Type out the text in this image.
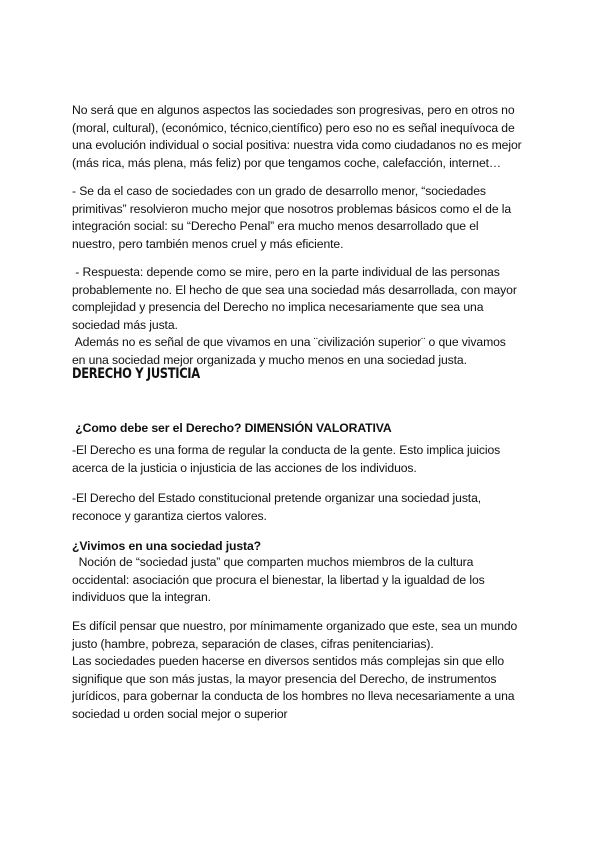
No será que en algunos aspectos las sociedades son progresivas, pero en otros no
(moral, cultural), (económico, técnico,científico) pero eso no es señal inequívoca de
una evolución individual o social positiva: nuestra vida como ciudadanos no es mejor
(más rica, más plena, más feliz) por que tengamos coche, calefacción, internet…
- Se da el caso de sociedades con un grado de desarrollo menor, “sociedades
primitivas” resolvieron mucho mejor que nosotros problemas básicos como el de la
integración social: su “Derecho Penal” era mucho menos desarrollado que el
nuestro, pero también menos cruel y más eficiente.
- Respuesta: depende como se mire, pero en la parte individual de las personas
probablemente no. El hecho de que sea una sociedad más desarrollada, con mayor
complejidad y presencia del Derecho no implica necesariamente que sea una
sociedad más justa.
Además no es señal de que vivamos en una ¨civilización superior¨ o que vivamos
en una sociedad mejor organizada y mucho menos en una sociedad justa.
DERECHO Y JUSTICIA

¿Como debe ser el Derecho? DIMENSIÓN VALORATIVA

-El Derecho es una forma de regular la conducta de la gente. Esto implica juicios
acerca de la justicia o injusticia de las acciones de los individuos.
-El Derecho del Estado constitucional pretende organizar una sociedad justa,
reconoce y garantiza ciertos valores.
¿Vivimos en una sociedad justa?
Noción de “sociedad justa” que comparten muchos miembros de la cultura
occidental: asociación que procura el bienestar, la libertad y la igualdad de los
individuos que la integran.
Es difícil pensar que nuestro, por mínimamente organizado que este, sea un mundo
justo (hambre, pobreza, separación de clases, cifras penitenciarias).
Las sociedades pueden hacerse en diversos sentidos más complejas sin que ello
signifique que son más justas, la mayor presencia del Derecho, de instrumentos
jurídicos, para gobernar la conducta de los hombres no lleva necesariamente a una
sociedad u orden social mejor o superior
